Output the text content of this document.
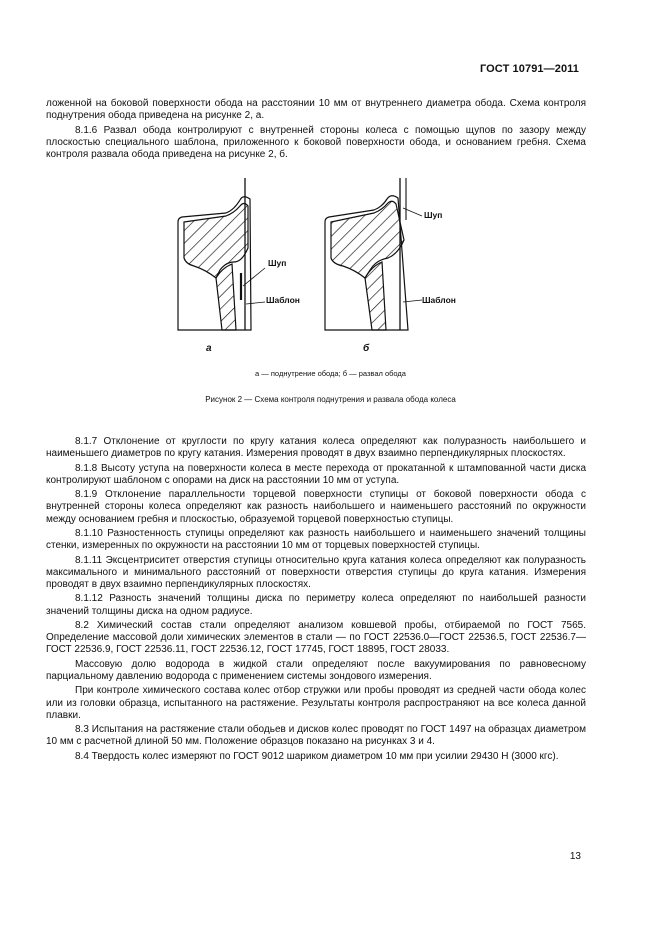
ГОСТ 10791—2011

ложенной на боковой поверхности обода на расстоянии 10 мм от внутреннего диаметра обода. Схема контроля поднутрения обода приведена на рисунке 2, а.

8.1.6 Развал обода контролируют с внутренней стороны колеса с помощью щупов по зазору между плоскостью специального шаблона, приложенного к боковой поверхности обода, и основанием гребня. Схема контроля развала обода приведена на рисунке 2, б.

Шуп
Шаблон
Шуп
Шаблон
а	б
а — поднутрение обода; б — развал обода
Рисунок 2 — Схема контроля поднутрения и развала обода колеса

8.1.7 Отклонение от круглости по кругу катания колеса определяют как полуразность наибольшего и наименьшего диаметров по кругу катания. Измерения проводят в двух взаимно перпендикулярных плоскостях.

8.1.8 Высоту уступа на поверхности колеса в месте перехода от прокатанной к штампованной части диска контролируют шаблоном с опорами на диск на расстоянии 10 мм от уступа.

8.1.9 Отклонение параллельности торцевой поверхности ступицы от боковой поверхности обода с внутренней стороны колеса определяют как разность наибольшего и наименьшего расстояний по окружности между основанием гребня и плоскостью, образуемой торцевой поверхностью ступицы.

8.1.10 Разностенность ступицы определяют как разность наибольшего и наименьшего значений толщины стенки, измеренных по окружности на расстоянии 10 мм от торцевых поверхностей ступицы.

8.1.11 Эксцентриситет отверстия ступицы относительно круга катания колеса определяют как полуразность максимального и минимального расстояний от поверхности отверстия ступицы до круга катания. Измерения проводят в двух взаимно перпендикулярных плоскостях.

8.1.12 Разность значений толщины диска по периметру колеса определяют по наибольшей разности значений толщины диска на одном радиусе.

8.2 Химический состав стали определяют анализом ковшевой пробы, отбираемой по ГОСТ 7565. Определение массовой доли химических элементов в стали — по ГОСТ 22536.0—ГОСТ 22536.5, ГОСТ 22536.7—ГОСТ 22536.9, ГОСТ 22536.11, ГОСТ 22536.12, ГОСТ 17745, ГОСТ 18895, ГОСТ 28033.

Массовую долю водорода в жидкой стали определяют после вакуумирования по равновесному парциальному давлению водорода с применением системы зондового измерения.

При контроле химического состава колес отбор стружки или пробы проводят из средней части обода колес или из головки образца, испытанного на растяжение. Результаты контроля распространяют на все колеса данной плавки.

8.3 Испытания на растяжение стали ободьев и дисков колес проводят по ГОСТ 1497 на образцах диаметром 10 мм с расчетной длиной 50 мм. Положение образцов показано на рисунках 3 и 4.

8.4 Твердость колес измеряют по ГОСТ 9012 шариком диаметром 10 мм при усилии 29430 Н (3000 кгс).

13
